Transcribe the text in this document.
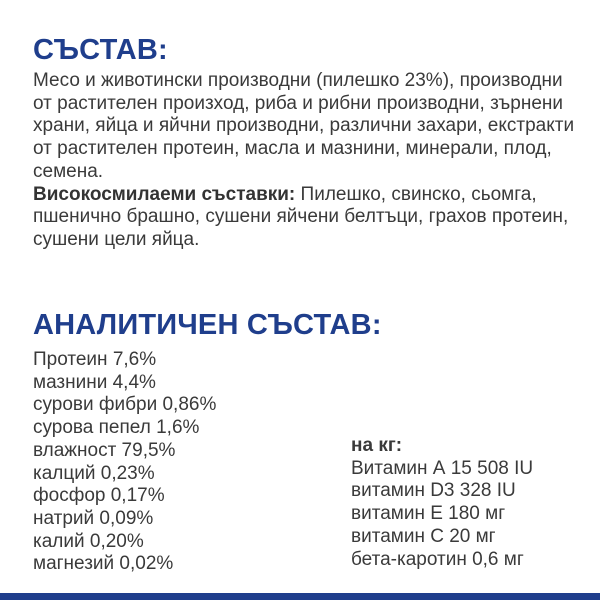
СЪСТАВ:

Месо и животински производни (пилешко 23%), производни от растителен произход, риба и рибни производни, зърнени храни, яйца и яйчни производни, различни захари, екстракти от растителен протеин, масла и мазнини, минерали, плод, семена.
Високосмилаеми съставки: Пилешко, свинско, сьомга, пшенично брашно, сушени яйчени белтъци, грахов протеин, сушени цели яйца.

АНАЛИТИЧЕН СЪСТАВ:
Протеин 7,6%
мазнини 4,4%
сурови фибри 0,86%
сурова пепел 1,6%
влажност 79,5%
калций 0,23%
фосфор 0,17%
натрий 0,09%
калий 0,20%
магнезий 0,02%
на кг:
Витамин А 15 508 IU
витамин D3 328 IU
витамин Е 180 мг
витамин С 20 мг
бета-каротин 0,6 мг
